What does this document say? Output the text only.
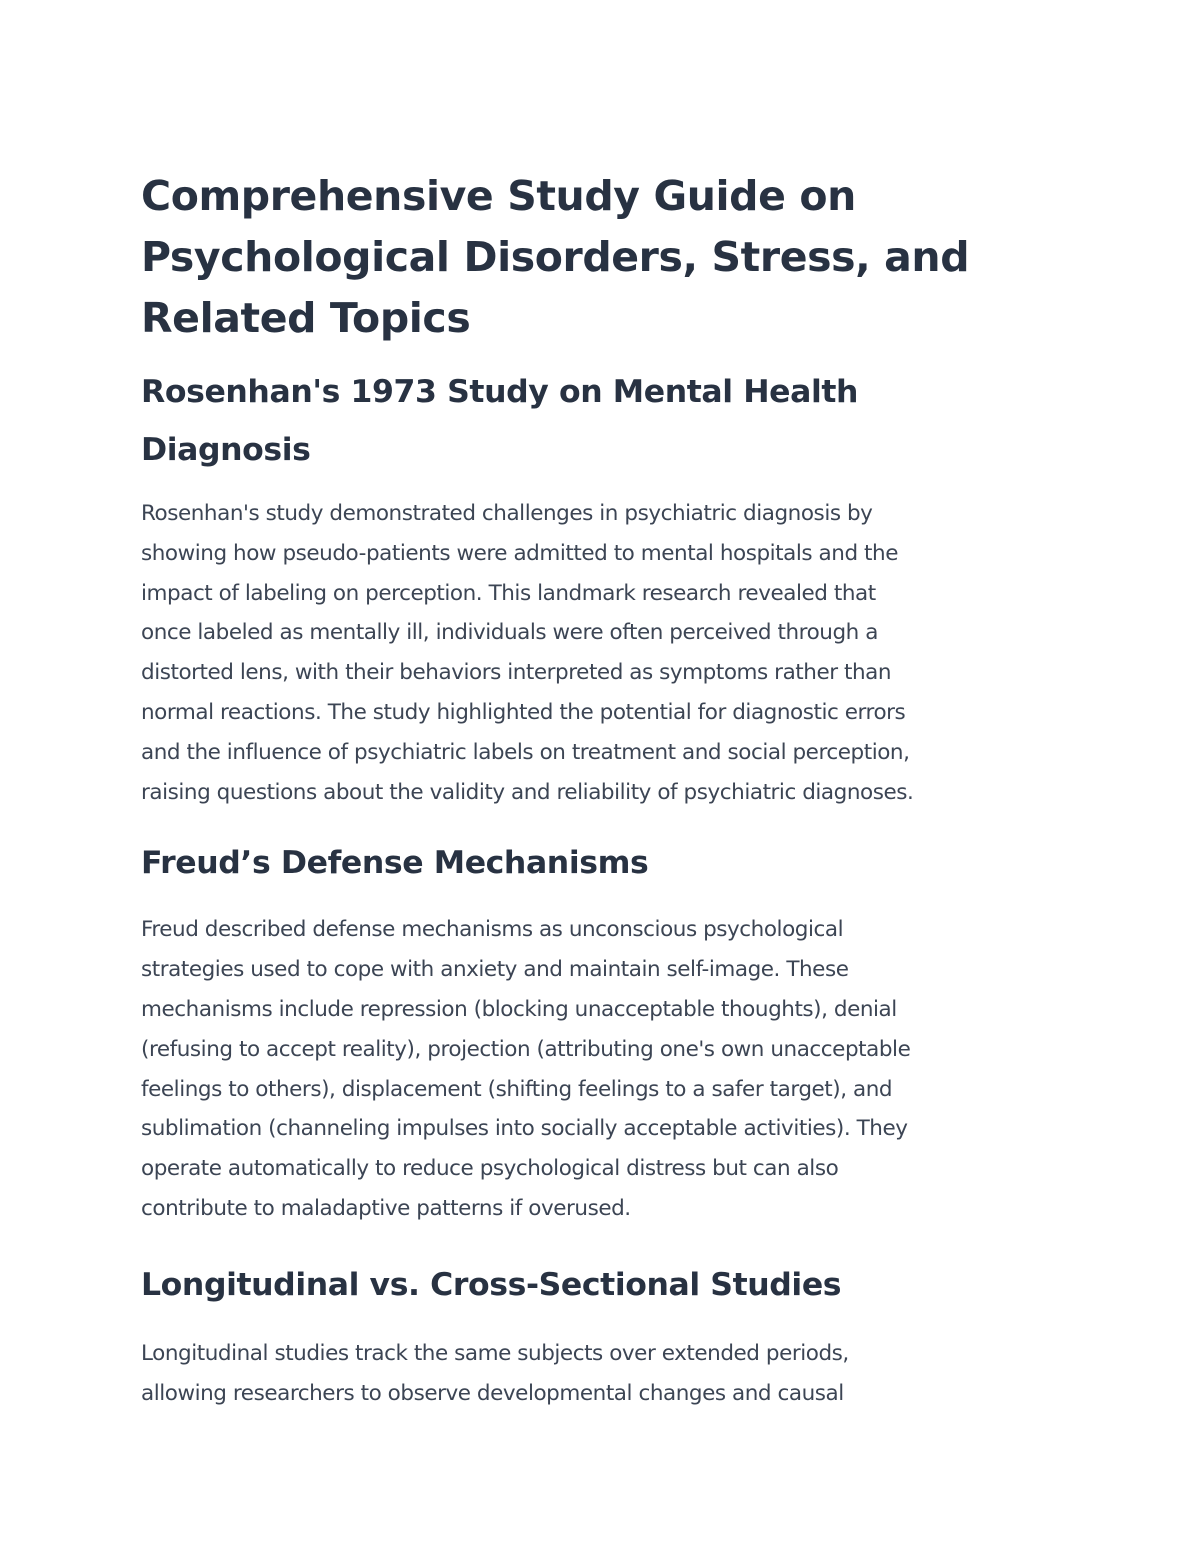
Comprehensive Study Guide on
Psychological Disorders, Stress, and
Related Topics
Rosenhan's 1973 Study on Mental Health
Diagnosis

Rosenhan's study demonstrated challenges in psychiatric diagnosis by
showing how pseudo-patients were admitted to mental hospitals and the
impact of labeling on perception. This landmark research revealed that
once labeled as mentally ill, individuals were often perceived through a
distorted lens, with their behaviors interpreted as symptoms rather than
normal reactions. The study highlighted the potential for diagnostic errors
and the influence of psychiatric labels on treatment and social perception,
raising questions about the validity and reliability of psychiatric diagnoses.

Freud’s Defense Mechanisms

Freud described defense mechanisms as unconscious psychological
strategies used to cope with anxiety and maintain self-image. These
mechanisms include repression (blocking unacceptable thoughts), denial
(refusing to accept reality), projection (attributing one's own unacceptable
feelings to others), displacement (shifting feelings to a safer target), and
sublimation (channeling impulses into socially acceptable activities). They
operate automatically to reduce psychological distress but can also
contribute to maladaptive patterns if overused.

Longitudinal vs. Cross-Sectional Studies

Longitudinal studies track the same subjects over extended periods,
allowing researchers to observe developmental changes and causal
